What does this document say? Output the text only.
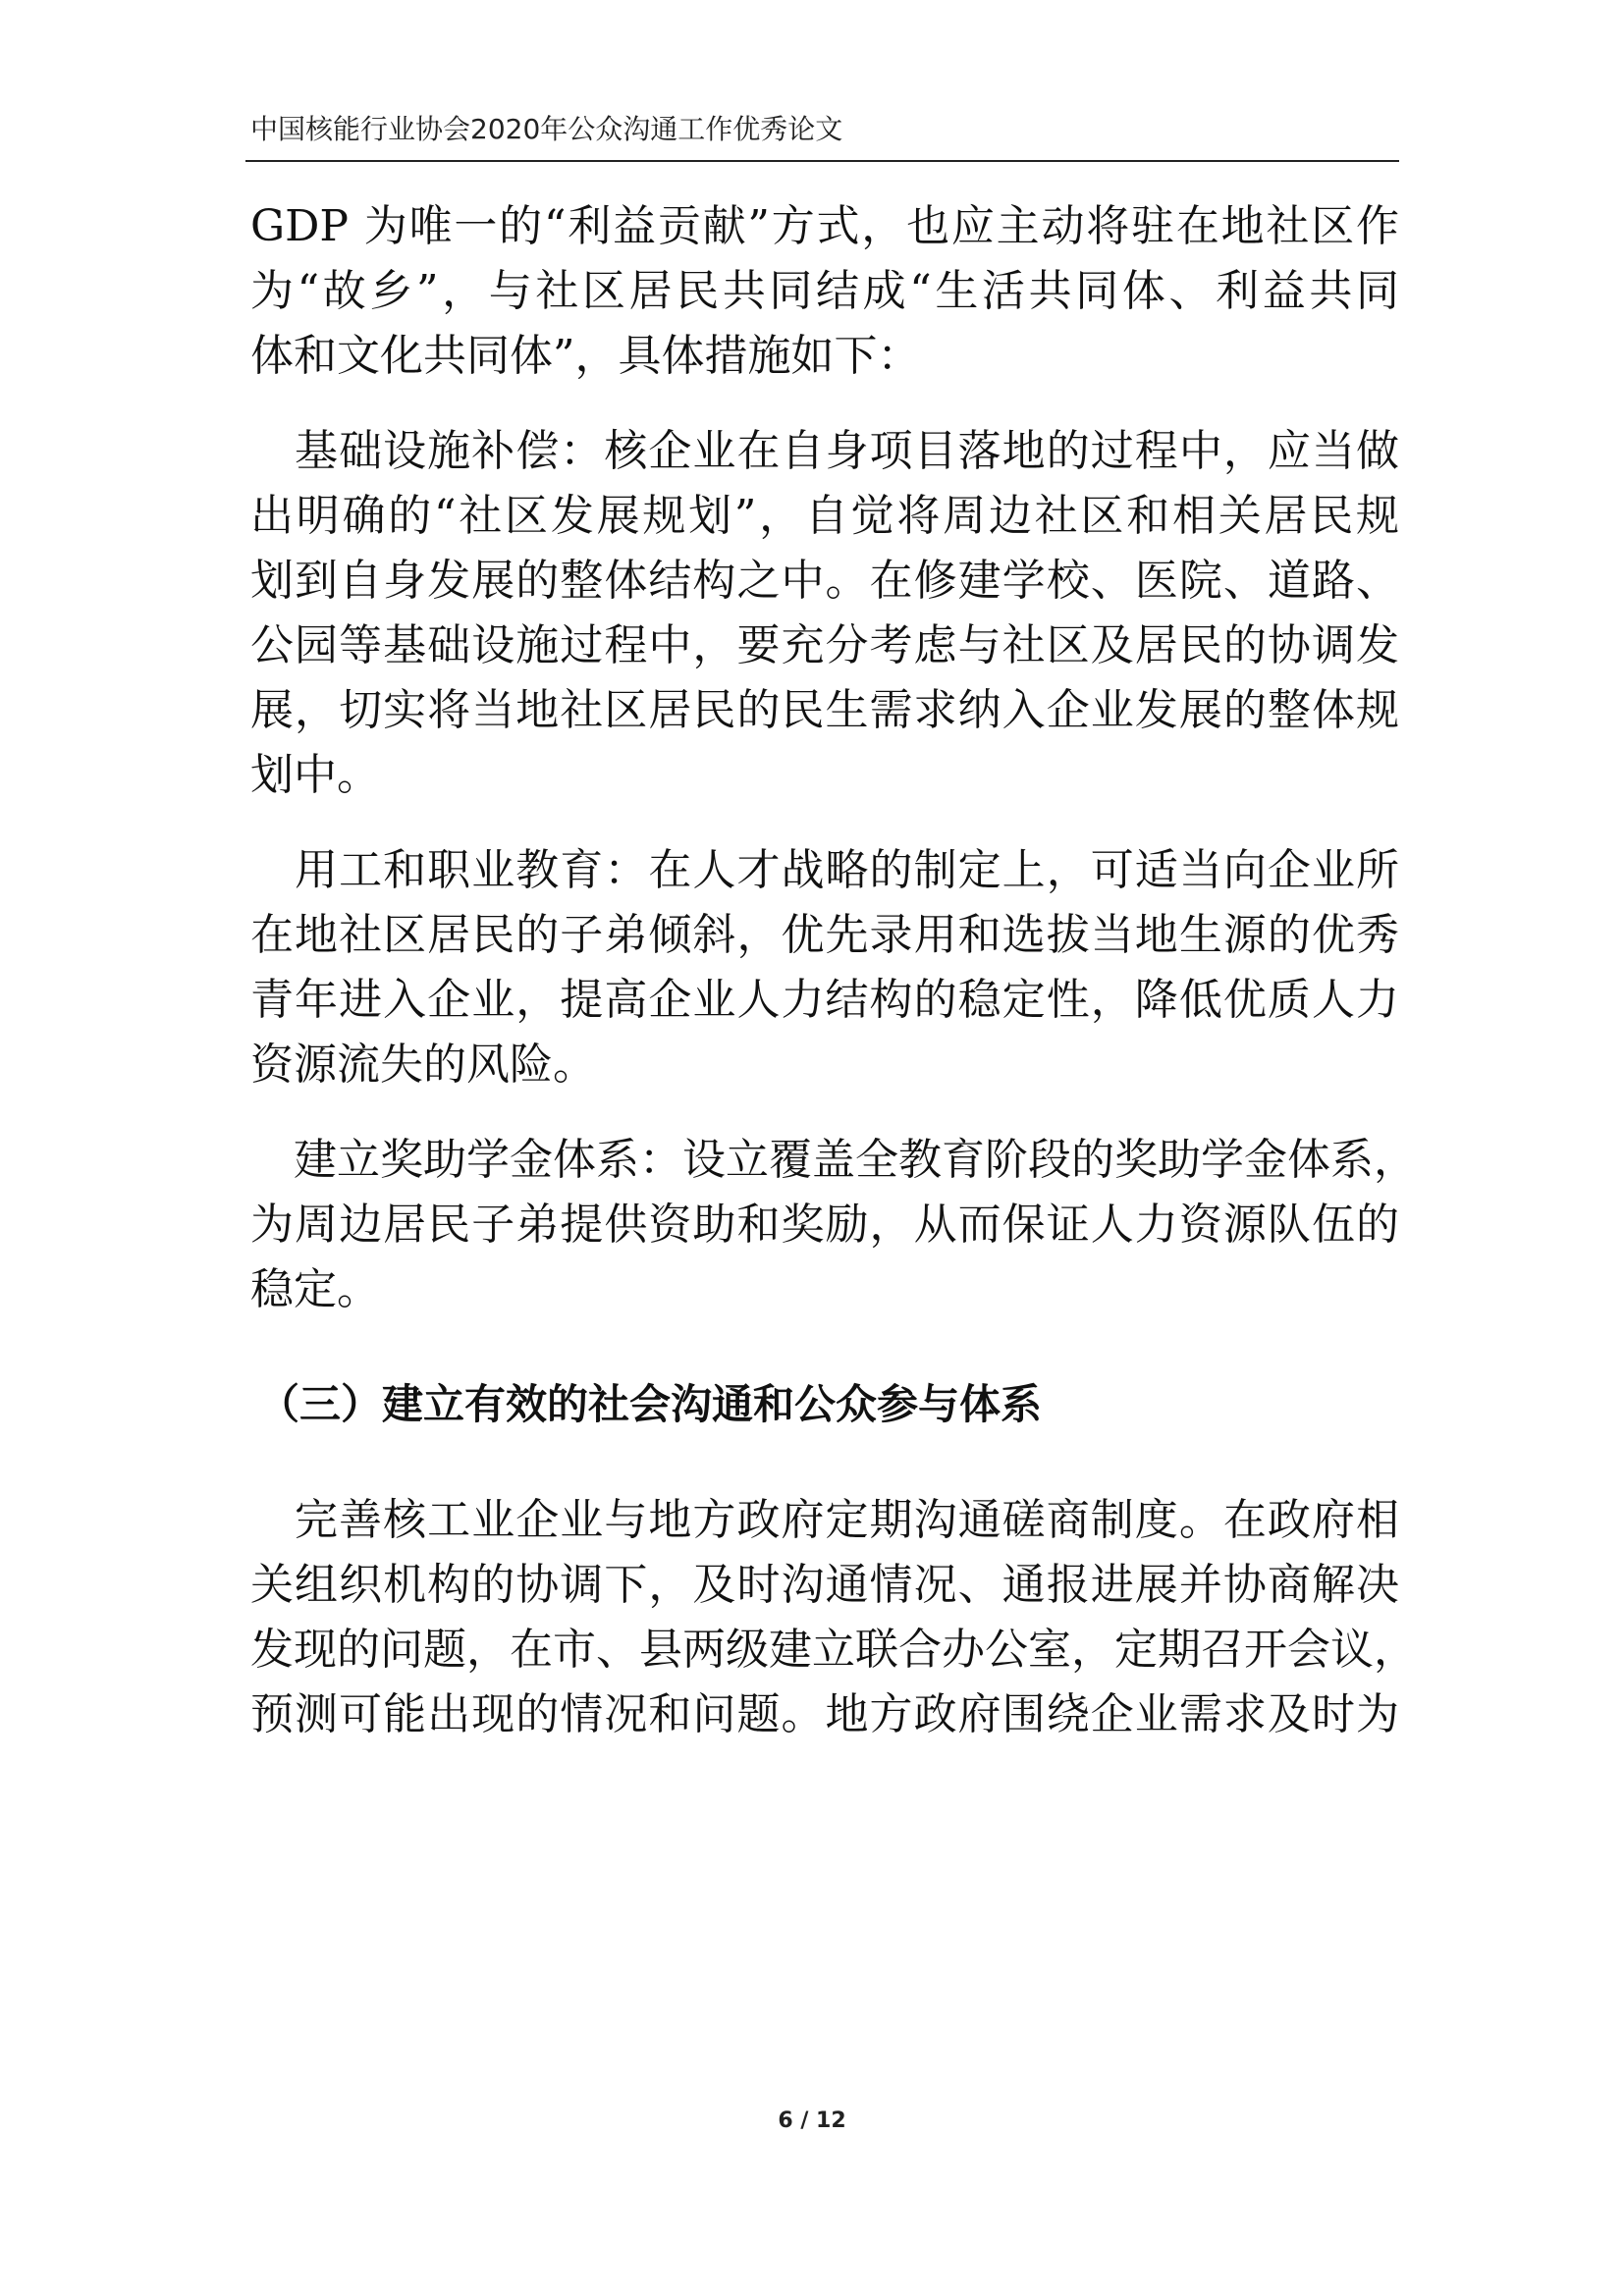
中国核能行业协会2020年公众沟通工作优秀论文
GDP 为唯一的“利益贡献”方式，也应主动将驻在地社区作
为“故乡”，与社区居民共同结成“生活共同体、利益共同
体和文化共同体”，具体措施如下：
　基础设施补偿：核企业在自身项目落地的过程中，应当做
出明确的“社区发展规划”，自觉将周边社区和相关居民规
划到自身发展的整体结构之中。在修建学校、医院、道路、
公园等基础设施过程中，要充分考虑与社区及居民的协调发
展，切实将当地社区居民的民生需求纳入企业发展的整体规
划中。
　用工和职业教育：在人才战略的制定上，可适当向企业所
在地社区居民的子弟倾斜，优先录用和选拔当地生源的优秀
青年进入企业，提高企业人力结构的稳定性，降低优质人力
资源流失的风险。
　建立奖助学金体系：设立覆盖全教育阶段的奖助学金体系，
为周边居民子弟提供资助和奖励，从而保证人力资源队伍的
稳定。
（三）建立有效的社会沟通和公众参与体系
　完善核工业企业与地方政府定期沟通磋商制度。在政府相
关组织机构的协调下，及时沟通情况、通报进展并协商解决
发现的问题，在市、县两级建立联合办公室，定期召开会议，
预测可能出现的情况和问题。地方政府围绕企业需求及时为
6 / 12
